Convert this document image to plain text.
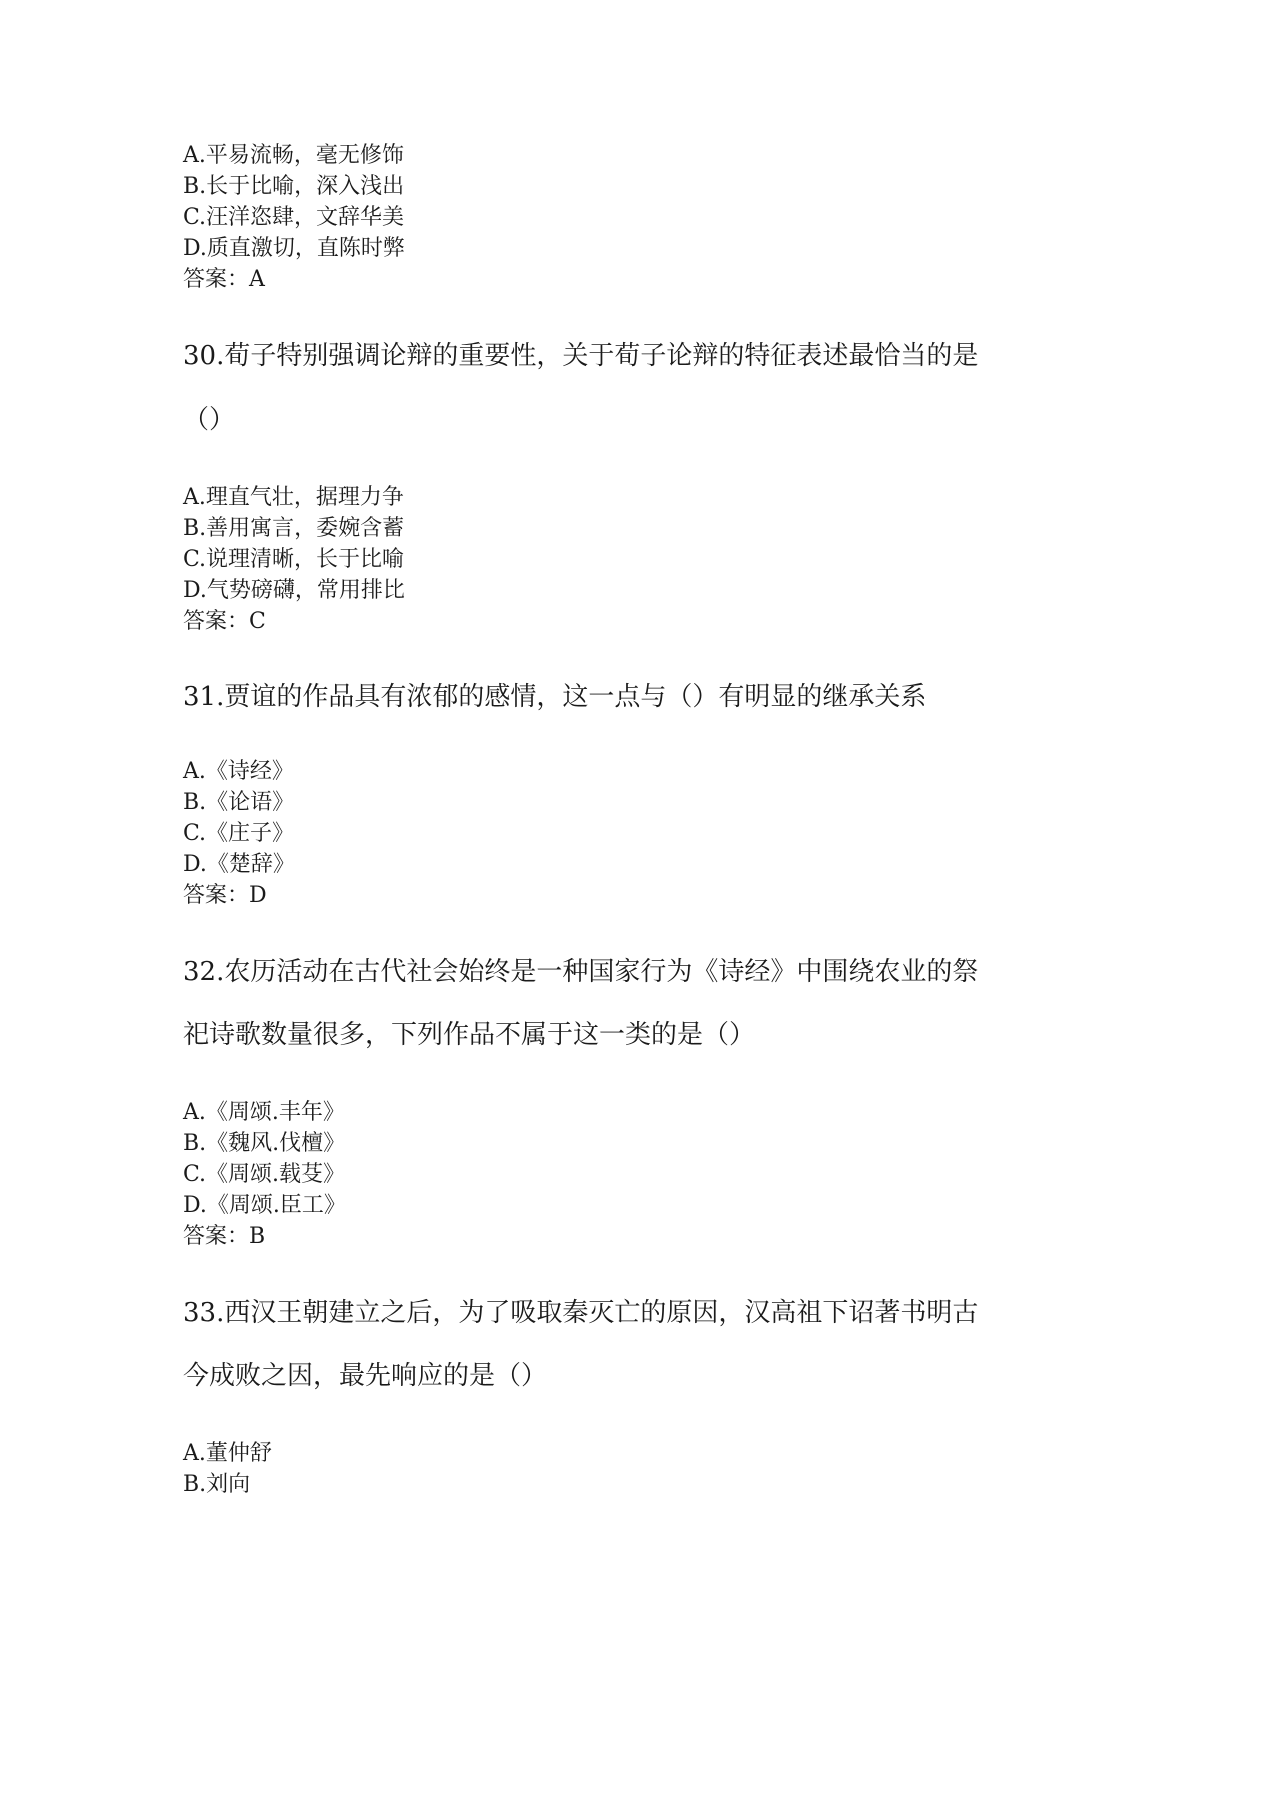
A.平易流畅，毫无修饰
B.长于比喻，深入浅出
C.汪洋恣肆，文辞华美
D.质直激切，直陈时弊
答案：A
30.荀子特别强调论辩的重要性，关于荀子论辩的特征表述最恰当的是
（）
A.理直气壮，据理力争
B.善用寓言，委婉含蓄
C.说理清晰，长于比喻
D.气势磅礴，常用排比
答案：C
31.贾谊的作品具有浓郁的感情，这一点与（）有明显的继承关系
A.《诗经》
B.《论语》
C.《庄子》
D.《楚辞》
答案：D
32.农历活动在古代社会始终是一种国家行为《诗经》中围绕农业的祭
祀诗歌数量很多，下列作品不属于这一类的是（）
A.《周颂.丰年》
B.《魏风.伐檀》
C.《周颂.载芟》
D.《周颂.臣工》
答案：B
33.西汉王朝建立之后，为了吸取秦灭亡的原因，汉高祖下诏著书明古
今成败之因，最先响应的是（）
A.董仲舒
B.刘向
